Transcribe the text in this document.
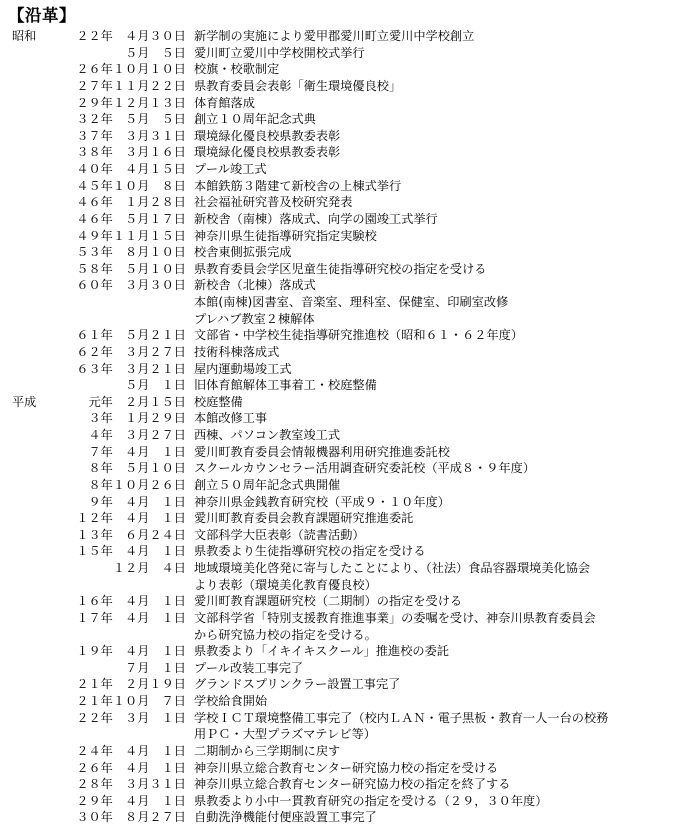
【沿革】
昭和	２２年　４月３０日 新学制の実施により愛甲郡愛川町立愛川中学校創立
５月　５日 愛川町立愛川中学校開校式挙行
２６年１０月１０日 校旗・校歌制定
２７年１１月２２日 県教育委員会表彰「衛生環境優良校」
２９年１２月１３日 体育館落成
３２年　５月　５日 創立１０周年記念式典
３７年　３月３１日 環境緑化優良校県教委表彰
３８年　３月１６日 環境緑化優良校県教委表彰
４０年　４月１５日 プール竣工式
４５年１０月　８日 本館鉄筋３階建て新校舎の上棟式挙行
４６年　１月２８日 社会福祉研究普及校研究発表
４６年　５月１７日 新校舎（南棟）落成式、向学の園竣工式挙行
４９年１１月１５日 神奈川県生徒指導研究指定実験校
５３年　８月１０日 校舎東側拡張完成
５８年　５月１０日 県教育委員会学区児童生徒指導研究校の指定を受ける
６０年　３月３０日 新校舎（北棟）落成式
本館(南棟)図書室、音楽室、理科室、保健室、印刷室改修
プレハブ教室２棟解体
６１年　５月２１日 文部省・中学校生徒指導研究推進校（昭和６１・６２年度）
６２年　３月２７日 技術科棟落成式
６３年　３月２１日 屋内運動場竣工式
５月　１日 旧体育館解体工事着工・校庭整備
平成	元年　２月１５日 校庭整備
３年　１月２９日 本館改修工事
４年　３月２７日 西棟、パソコン教室竣工式
７年　４月　１日 愛川町教育委員会情報機器利用研究推進委託校
８年　５月１０日 スクールカウンセラー活用調査研究委託校（平成８・９年度）
８年１０月２６日 創立５０周年記念式典開催
９年　４月　１日 神奈川県金銭教育研究校（平成９・１０年度）
１２年　４月　１日 愛川町教育委員会教育課題研究推進委託
１３年　６月２４日 文部科学大臣表彰（読書活動）
１５年　４月　１日 県教委より生徒指導研究校の指定を受ける
１２月　４日 地域環境美化啓発に寄与したことにより、（社法）食品容器環境美化協会
より表彰（環境美化教育優良校）
１６年　４月　１日 愛川町教育課題研究校（二期制）の指定を受ける
１７年　４月　１日 文部科学省「特別支援教育推進事業」の委嘱を受け、神奈川県教育委員会
から研究協力校の指定を受ける。
１９年　４月　１日 県教委より「イキイキスクール」推進校の委託
７月　１日 プール改装工事完了
２１年　２月１９日 グランドスプリンクラー設置工事完了
２１年１０月　７日 学校給食開始
２２年　３月　１日 学校ＩＣＴ環境整備工事完了（校内ＬＡＮ・電子黒板・教育一人一台の校務
用ＰＣ・大型プラズマテレビ等）
２４年　４月　１日 二期制から三学期制に戻す
２６年　４月　１日 神奈川県立総合教育センター研究協力校の指定を受ける
２８年　３月３１日 神奈川県立総合教育センター研究協力校の指定を終了する
２９年　４月　１日 県教委より小中一貫教育研究の指定を受ける（２９，３０年度）
３０年　８月２７日 自動洗浄機能付便座設置工事完了
